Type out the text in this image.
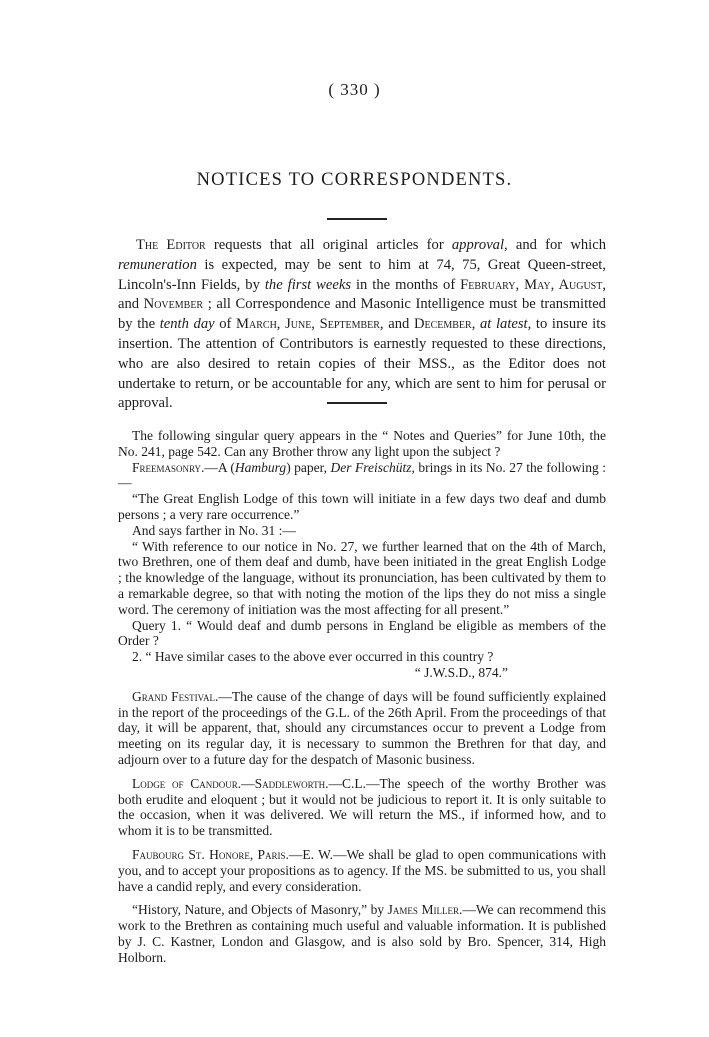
( 330 )
NOTICES TO CORRESPONDENTS.

The Editor requests that all original articles for approval, and for which remuneration is expected, may be sent to him at 74, 75, Great Queen-street, Lincoln's-Inn Fields, by the first weeks in the months of February, May, August, and November ; all Correspondence and Masonic Intelligence must be transmitted by the tenth day of March, June, September, and December, at latest, to insure its insertion. The attention of Contributors is earnestly requested to these directions, who are also desired to retain copies of their MSS., as the Editor does not undertake to return, or be accountable for any, which are sent to him for perusal or approval.

The following singular query appears in the “ Notes and Queries” for June 10th, the No. 241, page 542. Can any Brother throw any light upon the subject ?

Freemasonry.—A (Hamburg) paper, Der Freischütz, brings in its No. 27 the following :—

“The Great English Lodge of this town will initiate in a few days two deaf and dumb persons ; a very rare occurrence.”

And says farther in No. 31 :—

“ With reference to our notice in No. 27, we further learned that on the 4th of March, two Brethren, one of them deaf and dumb, have been initiated in the great English Lodge ; the knowledge of the language, without its pronunciation, has been cultivated by them to a remarkable degree, so that with noting the motion of the lips they do not miss a single word. The ceremony of initiation was the most affecting for all present.”

Query 1. “ Would deaf and dumb persons in England be eligible as members of the Order ?

2. “ Have similar cases to the above ever occurred in this country ?

“ J.W.S.D., 874.”

Grand Festival.—The cause of the change of days will be found sufficiently explained in the report of the proceedings of the G.L. of the 26th April. From the proceedings of that day, it will be apparent, that, should any circumstances occur to prevent a Lodge from meeting on its regular day, it is necessary to summon the Brethren for that day, and adjourn over to a future day for the despatch of Masonic business.

Lodge of Candour.—Saddleworth.—C.L.—The speech of the worthy Brother was both erudite and eloquent ; but it would not be judicious to report it. It is only suitable to the occasion, when it was delivered. We will return the MS., if informed how, and to whom it is to be transmitted.

Faubourg St. Honore, Paris.—E. W.—We shall be glad to open communications with you, and to accept your propositions as to agency. If the MS. be submitted to us, you shall have a candid reply, and every consideration.

“History, Nature, and Objects of Masonry,” by James Miller.—We can recommend this work to the Brethren as containing much useful and valuable information. It is published by J. C. Kastner, London and Glasgow, and is also sold by Bro. Spencer, 314, High Holborn.
